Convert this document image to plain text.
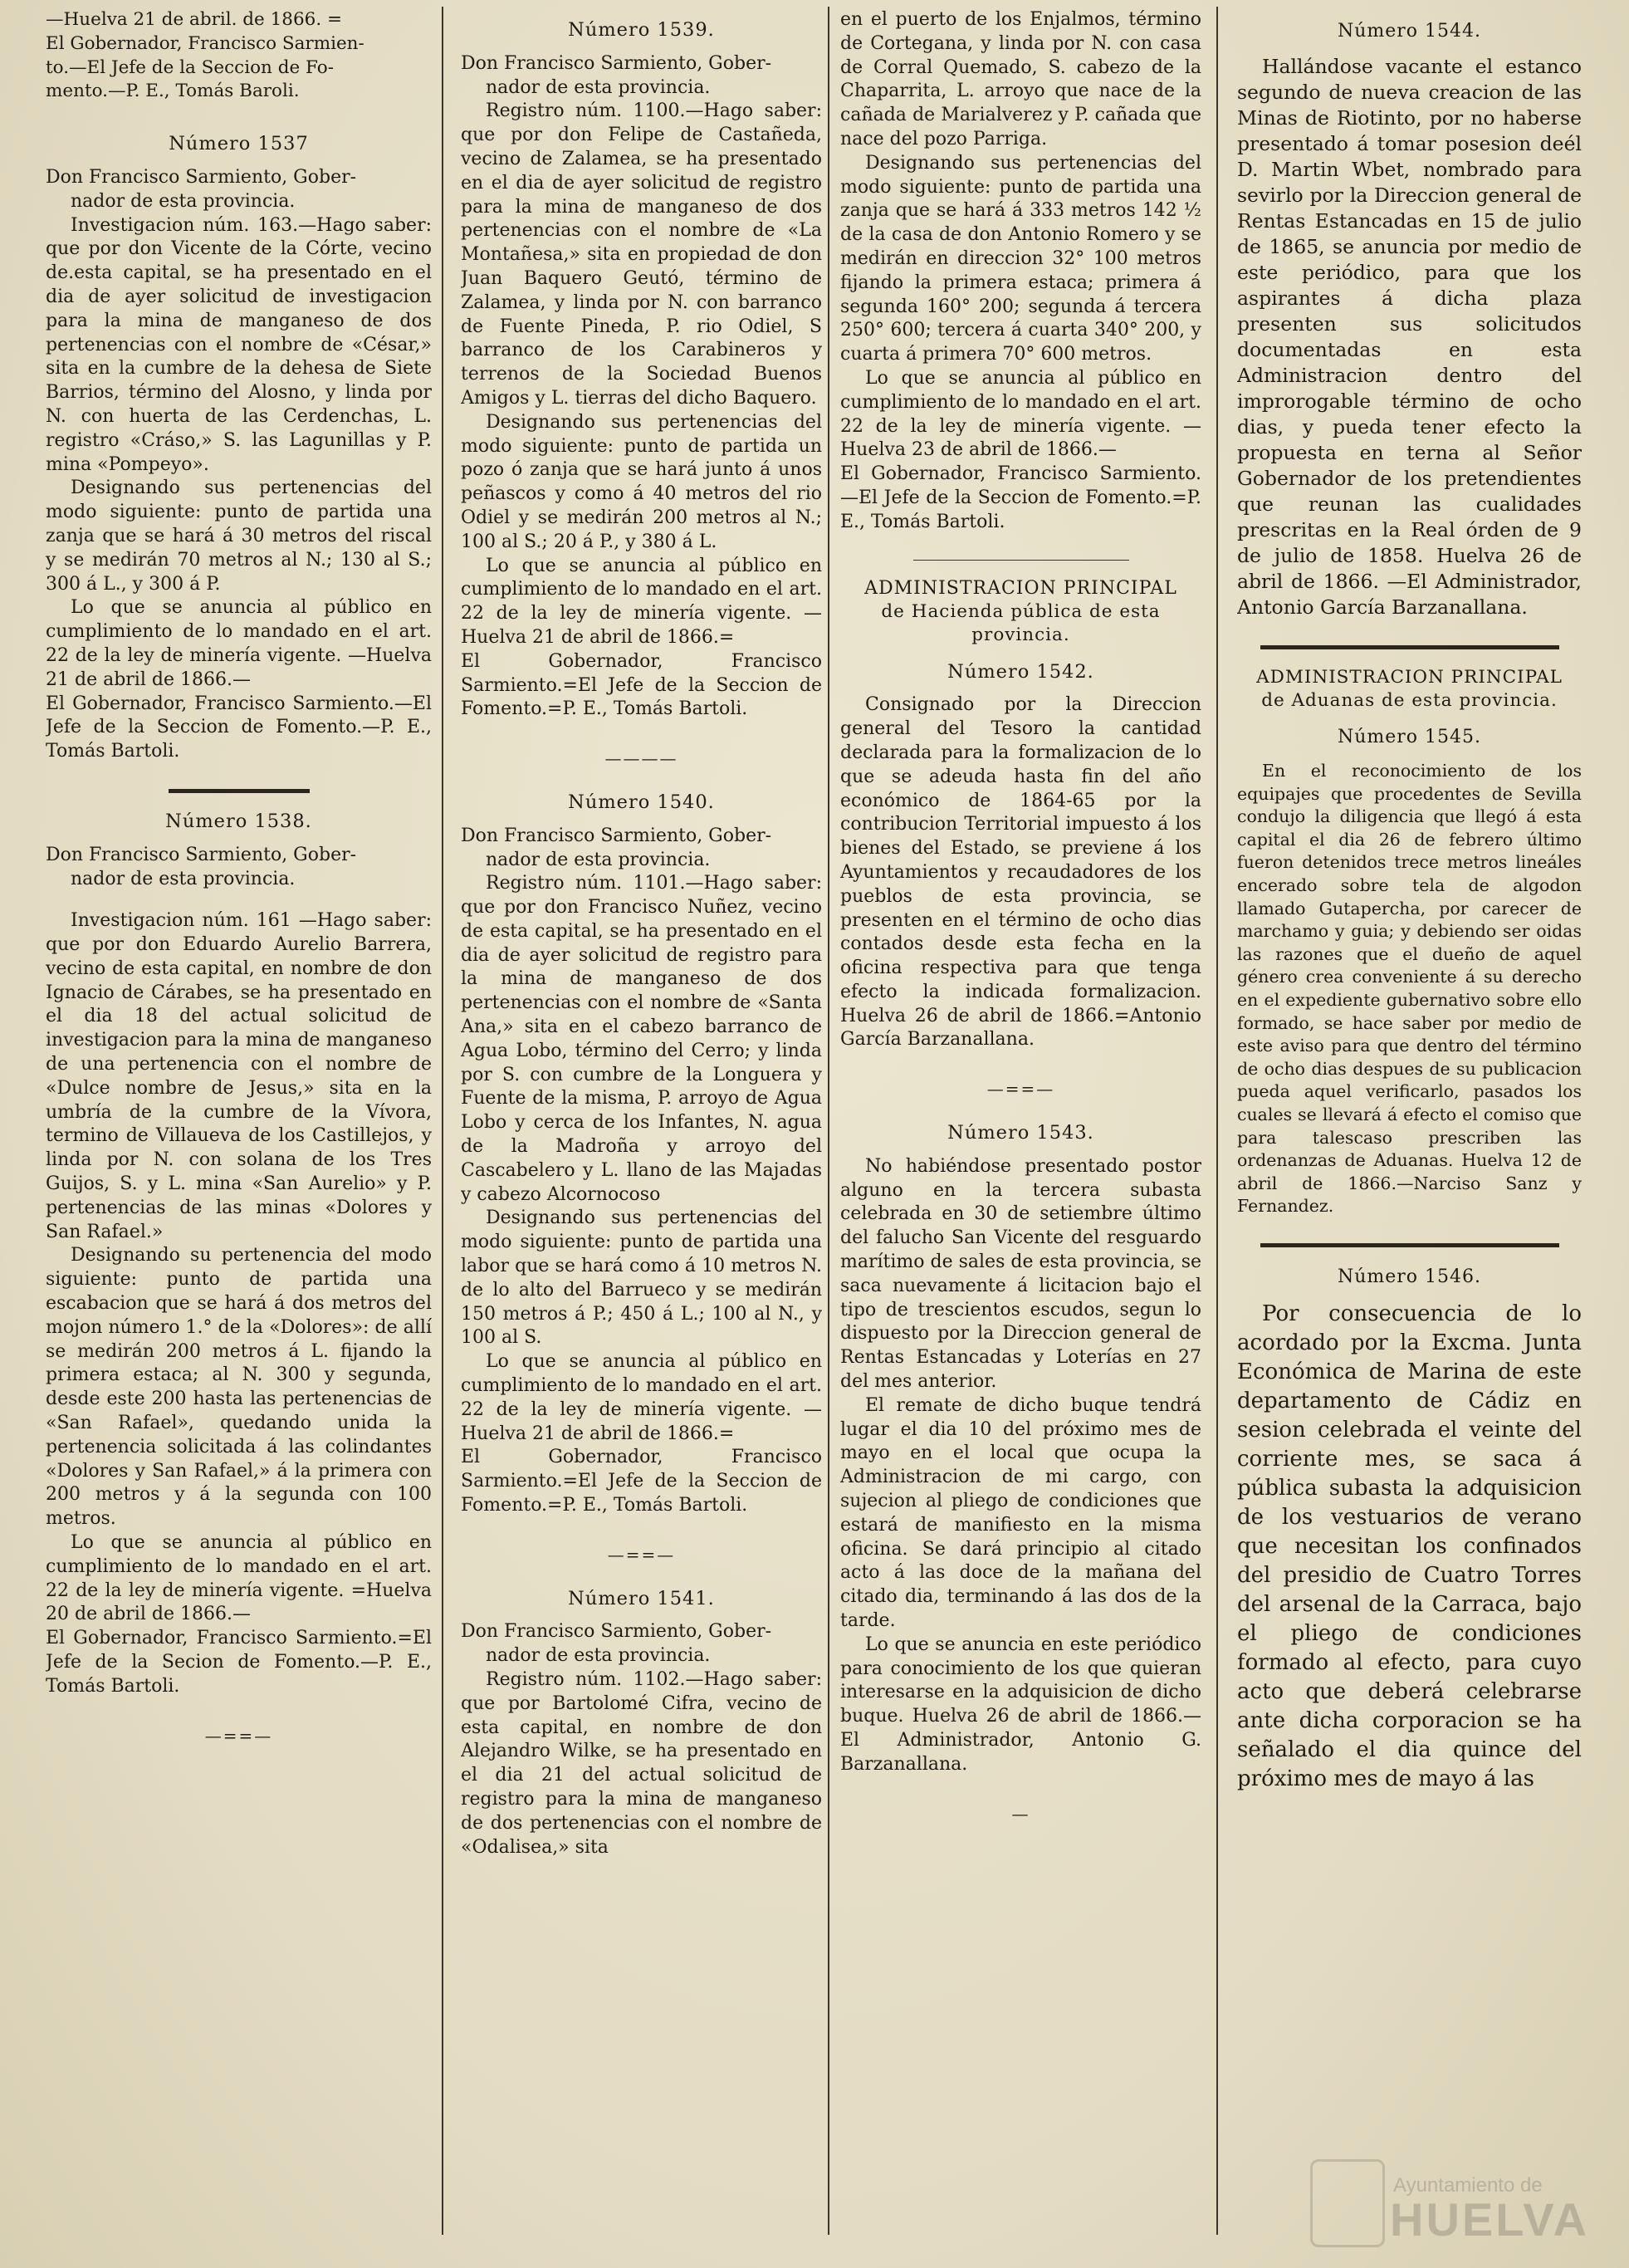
—Huelva 21 de abril. de 1866. =
El Gobernador, Francisco Sarmien-
to.—El Jefe de la Seccion de Fo-
mento.—P. E., Tomás Baroli.
Número 1537

Don Francisco Sarmiento, Gober-
nador de esta provincia.

Investigacion núm. 163.—Hago saber: que por don Vicente de la Córte, vecino de.esta capital, se ha presentado en el dia de ayer solicitud de investigacion para la mina de manganeso de dos pertenencias con el nombre de «César,» sita en la cumbre de la dehesa de Siete Barrios, término del Alosno, y linda por N. con huerta de las Cerdenchas, L. registro «Cráso,» S. las Lagunillas y P. mina «Pompeyo».

Designando sus pertenencias del modo siguiente: punto de partida una zanja que se hará á 30 metros del riscal y se medirán 70 metros al N.; 130 al S.; 300 á L., y 300 á P.

Lo que se anuncia al público en cumplimiento de lo mandado en el art. 22 de la ley de minería vigente. —Huelva 21 de abril de 1866.—

El Gobernador, Francisco Sarmiento.—El Jefe de la Seccion de Fomento.—P. E., Tomás Bartoli.

Número 1538.

Don Francisco Sarmiento, Gober-
nador de esta provincia.

Investigacion núm. 161 —Hago saber: que por don Eduardo Aurelio Barrera, vecino de esta capital, en nombre de don Ignacio de Cárabes, se ha presentado en el dia 18 del actual solicitud de investigacion para la mina de manganeso de una pertenencia con el nombre de «Dulce nombre de Jesus,» sita en la umbría de la cumbre de la Vívora, termino de Villaueva de los Castillejos, y linda por N. con solana de los Tres Guijos, S. y L. mina «San Aurelio» y P. pertenencias de las minas «Dolores y San Rafael.»

Designando su pertenencia del modo siguiente: punto de partida una escabacion que se hará á dos metros del mojon número 1.° de la «Dolores»: de allí se medirán 200 metros á L. fijando la primera estaca; al N. 300 y segunda, desde este 200 hasta las pertenencias de «San Rafael», quedando unida la pertenencia solicitada á las colindantes «Dolores y San Rafael,» á la primera con 200 metros y á la segunda con 100 metros.

Lo que se anuncia al público en cumplimiento de lo mandado en el art. 22 de la ley de minería vigente. =Huelva 20 de abril de 1866.—

El Gobernador, Francisco Sarmiento.=El Jefe de la Secion de Fomento.—P. E., Tomás Bartoli.

—==—
Número 1539.

Don Francisco Sarmiento, Gober-
nador de esta provincia.

Registro núm. 1100.—Hago saber: que por don Felipe de Castañeda, vecino de Zalamea, se ha presentado en el dia de ayer solicitud de registro para la mina de manganeso de dos pertenencias con el nombre de «La Montañesa,» sita en propiedad de don Juan Baquero Geutó, término de Zalamea, y linda por N. con barranco de Fuente Pineda, P. rio Odiel, S barranco de los Carabineros y terrenos de la Sociedad Buenos Amigos y L. tierras del dicho Baquero.

Designando sus pertenencias del modo siguiente: punto de partida un pozo ó zanja que se hará junto á unos peñascos y como á 40 metros del rio Odiel y se medirán 200 metros al N.; 100 al S.; 20 á P., y 380 á L.

Lo que se anuncia al público en cumplimiento de lo mandado en el art. 22 de la ley de minería vigente. —Huelva 21 de abril de 1866.=

El Gobernador, Francisco Sarmiento.=El Jefe de la Seccion de Fomento.=P. E., Tomás Bartoli.

————
Número 1540.

Don Francisco Sarmiento, Gober-
nador de esta provincia.

Registro núm. 1101.—Hago saber: que por don Francisco Nuñez, vecino de esta capital, se ha presentado en el dia de ayer solicitud de registro para la mina de manganeso de dos pertenencias con el nombre de «Santa Ana,» sita en el cabezo barranco de Agua Lobo, término del Cerro; y linda por S. con cumbre de la Longuera y Fuente de la misma, P. arroyo de Agua Lobo y cerca de los Infantes, N. agua de la Madroña y arroyo del Cascabelero y L. llano de las Majadas y cabezo Alcornocoso

Designando sus pertenencias del modo siguiente: punto de partida una labor que se hará como á 10 metros N. de lo alto del Barrueco y se medirán 150 metros á P.; 450 á L.; 100 al N., y 100 al S.

Lo que se anuncia al público en cumplimiento de lo mandado en el art. 22 de la ley de minería vigente. —Huelva 21 de abril de 1866.=

El Gobernador, Francisco Sarmiento.=El Jefe de la Seccion de Fomento.=P. E., Tomás Bartoli.

—==—
Número 1541.

Don Francisco Sarmiento, Gober-
nador de esta provincia.

Registro núm. 1102.—Hago saber: que por Bartolomé Cifra, vecino de esta capital, en nombre de don Alejandro Wilke, se ha presentado en el dia 21 del actual solicitud de registro para la mina de manganeso de dos pertenencias con el nombre de «Odalisea,» sita

en el puerto de los Enjalmos, término de Cortegana, y linda por N. con casa de Corral Quemado, S. cabezo de la Chaparrita, L. arroyo que nace de la cañada de Marialverez y P. cañada que nace del pozo Parriga.

Designando sus pertenencias del modo siguiente: punto de partida una zanja que se hará á 333 metros 142 ½ de la casa de don Antonio Romero y se medirán en direccion 32° 100 metros fijando la primera estaca; primera á segunda 160° 200; segunda á tercera 250° 600; tercera á cuarta 340° 200, y cuarta á primera 70° 600 metros.

Lo que se anuncia al público en cumplimiento de lo mandado en el art. 22 de la ley de minería vigente. —Huelva 23 de abril de 1866.—

El Gobernador, Francisco Sarmiento.—El Jefe de la Seccion de Fomento.=P. E., Tomás Bartoli.

ADMINISTRACION PRINCIPAL
de Hacienda pública de esta provincia.
Número 1542.

Consignado por la Direccion general del Tesoro la cantidad declarada para la formalizacion de lo que se adeuda hasta fin del año económico de 1864-65 por la contribucion Territorial impuesto á los bienes del Estado, se previene á los Ayuntamientos y recaudadores de los pueblos de esta provincia, se presenten en el término de ocho dias contados desde esta fecha en la oficina respectiva para que tenga efecto la indicada formalizacion. Huelva 26 de abril de 1866.=Antonio García Barzanallana.

—==—
Número 1543.

No habiéndose presentado postor alguno en la tercera subasta celebrada en 30 de setiembre último del falucho San Vicente del resguardo marítimo de sales de esta provincia, se saca nuevamente á licitacion bajo el tipo de trescientos escudos, segun lo dispuesto por la Direccion general de Rentas Estancadas y Loterías en 27 del mes anterior.

El remate de dicho buque tendrá lugar el dia 10 del próximo mes de mayo en el local que ocupa la Administracion de mi cargo, con sujecion al pliego de condiciones que estará de manifiesto en la misma oficina. Se dará principio al citado acto á las doce de la mañana del citado dia, terminando á las dos de la tarde.

Lo que se anuncia en este periódico para conocimiento de los que quieran interesarse en la adquisicion de dicho buque. Huelva 26 de abril de 1866.—El Administrador, Antonio G. Barzanallana.

—
Número 1544.

Hallándose vacante el estanco segundo de nueva creacion de las Minas de Riotinto, por no haberse presentado á tomar posesion deél D. Martin Wbet, nombrado para sevirlo por la Direccion general de Rentas Estancadas en 15 de julio de 1865, se anuncia por medio de este periódico, para que los aspirantes á dicha plaza presenten sus solicitudos documentadas en esta Administracion dentro del improrogable término de ocho dias, y pueda tener efecto la propuesta en terna al Señor Gobernador de los pretendientes que reunan las cualidades prescritas en la Real órden de 9 de julio de 1858. Huelva 26 de abril de 1866. —El Administrador, Antonio García Barzanallana.

ADMINISTRACION PRINCIPAL
de Aduanas de esta provincia.
Número 1545.

En el reconocimiento de los equipajes que procedentes de Sevilla condujo la diligencia que llegó á esta capital el dia 26 de febrero último fueron detenidos trece metros lineáles encerado sobre tela de algodon llamado Gutapercha, por carecer de marchamo y guia; y debiendo ser oidas las razones que el dueño de aquel género crea conveniente á su derecho en el expediente gubernativo sobre ello formado, se hace saber por medio de este aviso para que dentro del término de ocho dias despues de su publicacion pueda aquel verificarlo, pasados los cuales se llevará á efecto el comiso que para talescaso prescriben las ordenanzas de Aduanas. Huelva 12 de abril de 1866.—Narciso Sanz y Fernandez.

Número 1546.

Por consecuencia de lo acordado por la Excma. Junta Económica de Marina de este departamento de Cádiz en sesion celebrada el veinte del corriente mes, se saca á pública subasta la adquisicion de los vestuarios de verano que necesitan los confinados del presidio de Cuatro Torres del arsenal de la Carraca, bajo el pliego de condiciones formado al efecto, para cuyo acto que deberá celebrarse ante dicha corporacion se ha señalado el dia quince del próximo mes de mayo á las

Ayuntamiento de
HUELVA
